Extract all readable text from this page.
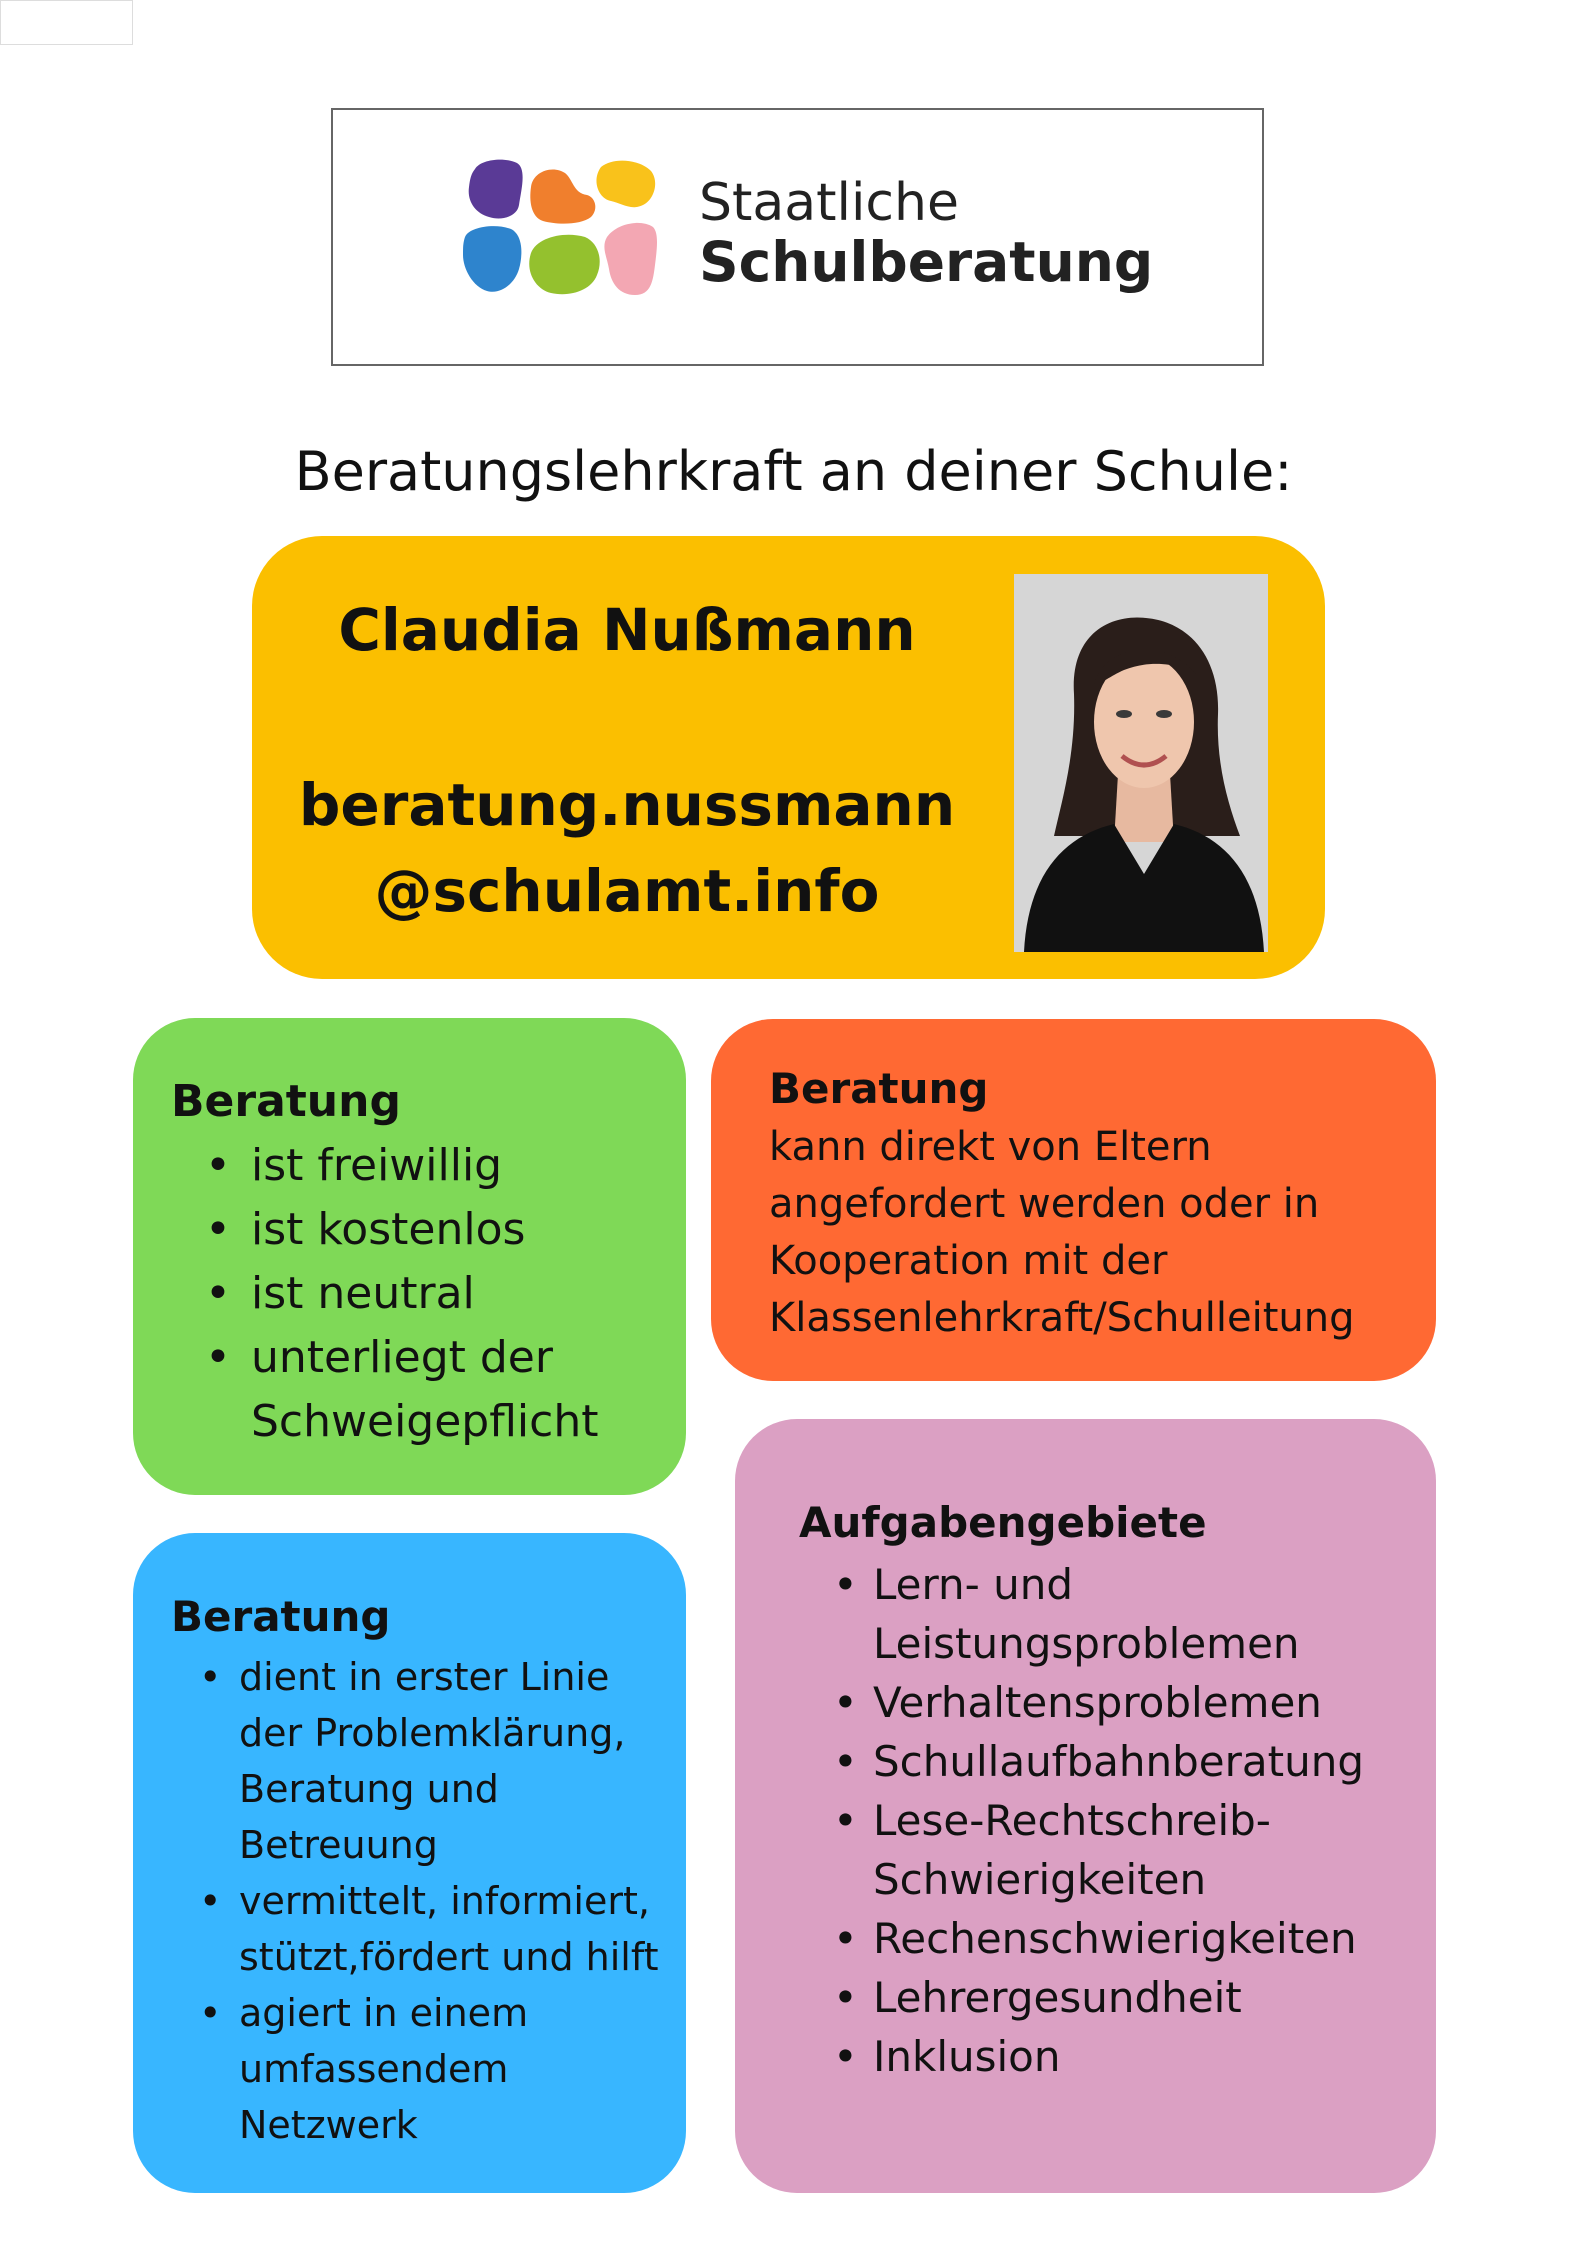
Staatliche
Schulberatung
Beratungslehrkraft an deiner Schule:
Claudia Nußmann
beratung.nussmann
@schulamt.info
Beratung
• ist freiwillig
• ist kostenlos
• ist neutral
• unterliegt der
Schweigepflicht
Beratung
kann direkt von Eltern
angefordert werden oder in
Kooperation mit der
Klassenlehrkraft/Schulleitung
Beratung
• dient in erster Linie
der Problemklärung,
Beratung und
Betreuung
• vermittelt, informiert,
stützt,fördert und hilft
• agiert in einem
umfassendem
Netzwerk
Aufgabengebiete
• Lern- und
Leistungsproblemen
• Verhaltensproblemen
• Schullaufbahnberatung
• Lese-Rechtschreib-
Schwierigkeiten
• Rechenschwierigkeiten
• Lehrergesundheit
• Inklusion
